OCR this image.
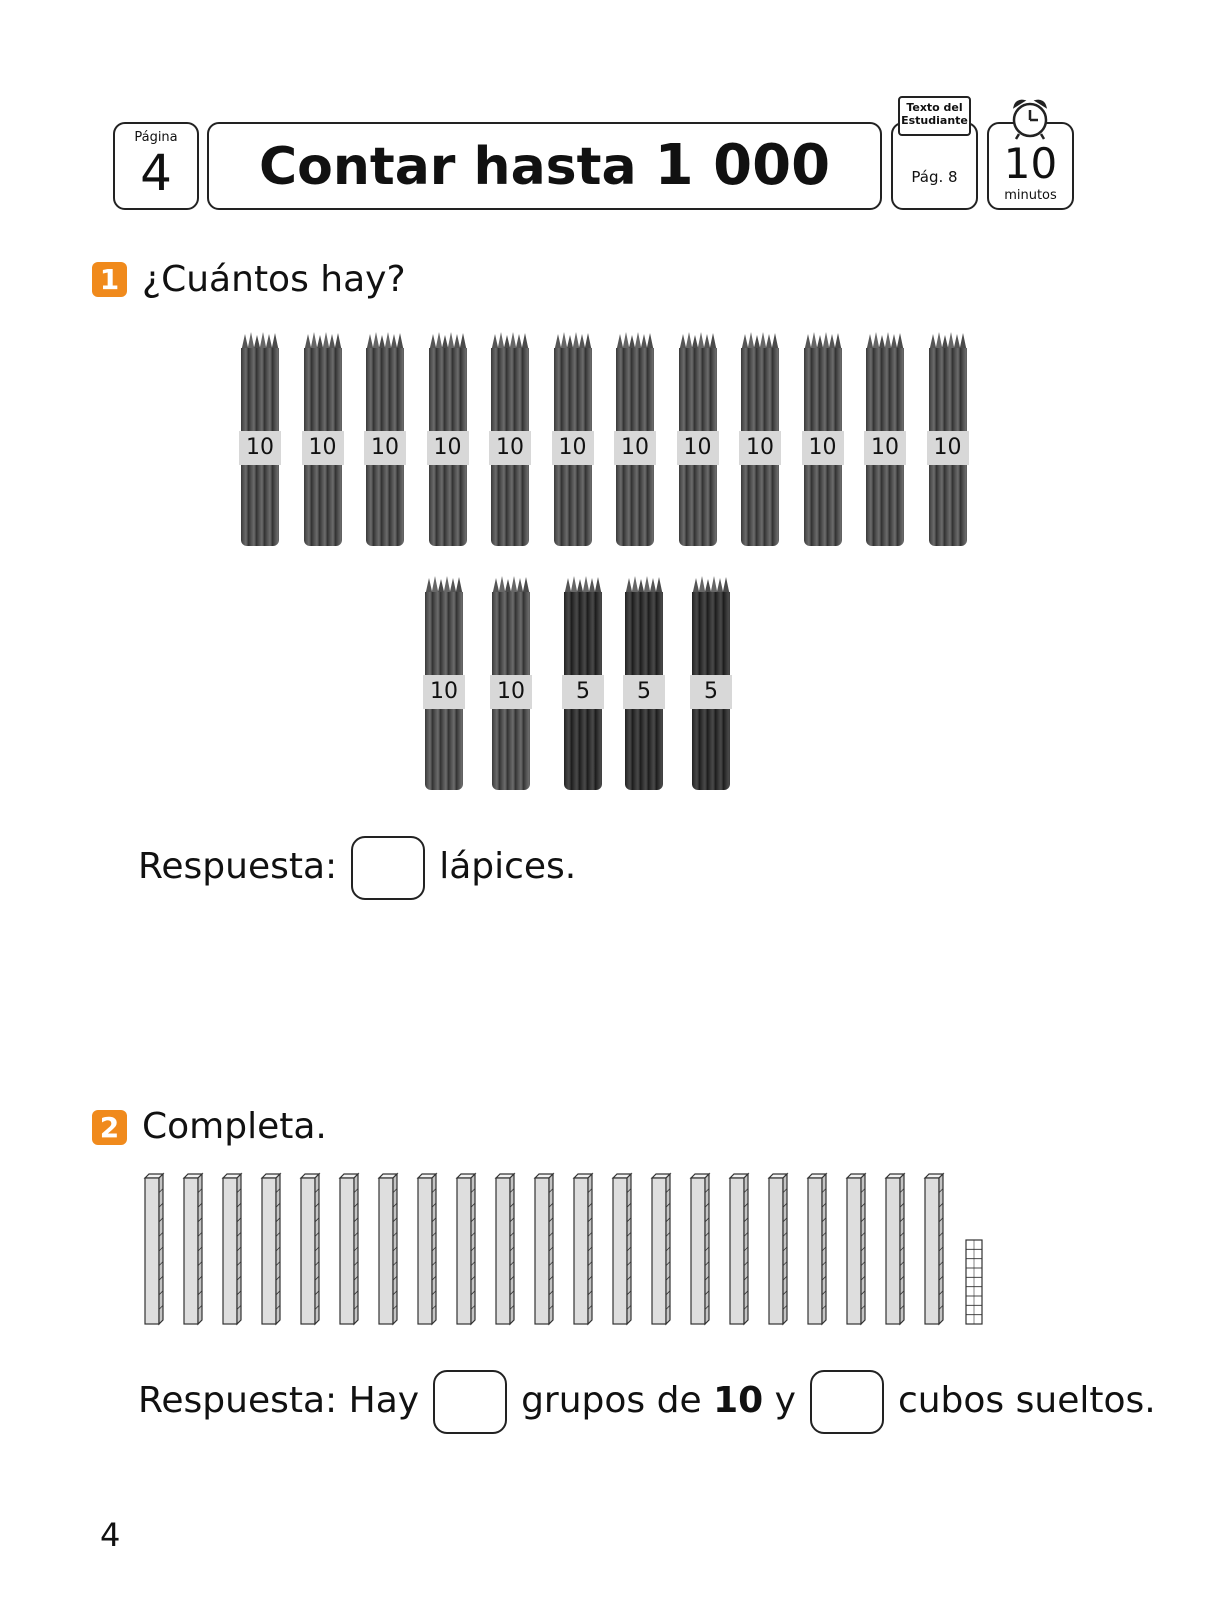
Página
4	Contar hasta 1 000	Pág. 8
Texto del
Estudiante
10
minutos
1 ¿Cuántos hay?
10	10	10	10	10	10	10	10	10	10	10	10
10	10	5	5	5
Respuesta:	lápices.
2 Completa.
Respuesta: Hay	grupos de 10 y	cubos sueltos.
4
